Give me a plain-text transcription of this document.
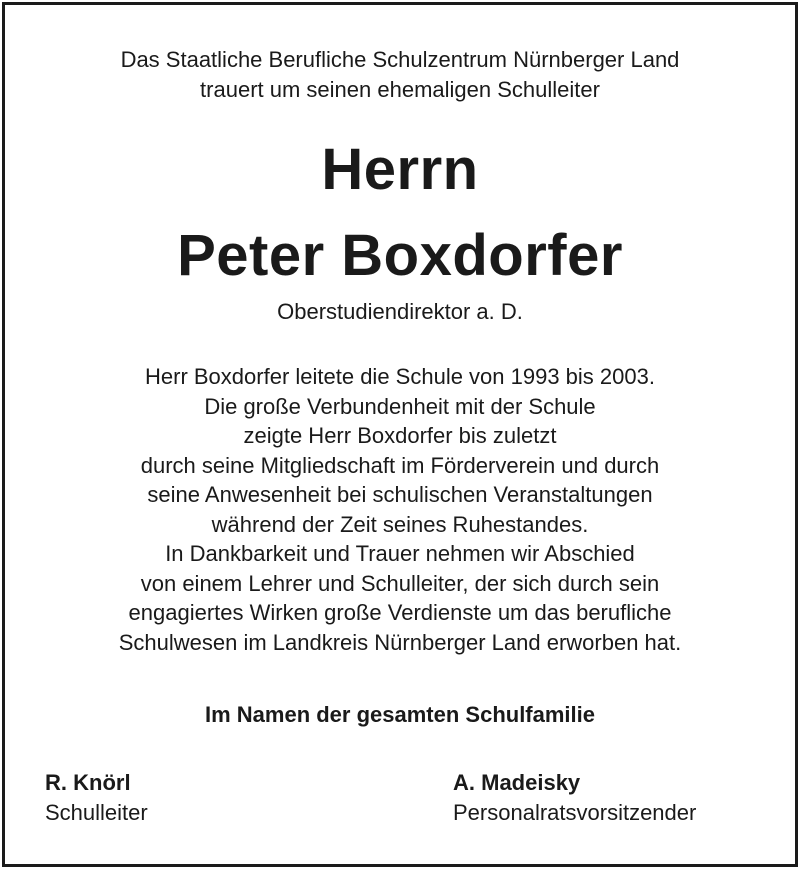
Das Staatliche Berufliche Schulzentrum Nürnberger Land
trauert um seinen ehemaligen Schulleiter
Herrn
Peter Boxdorfer
Oberstudiendirektor a. D.
Herr Boxdorfer leitete die Schule von 1993 bis 2003.
Die große Verbundenheit mit der Schule
zeigte Herr Boxdorfer bis zuletzt
durch seine Mitgliedschaft im Förderverein und durch
seine Anwesenheit bei schulischen Veranstaltungen
während der Zeit seines Ruhestandes.
In Dankbarkeit und Trauer nehmen wir Abschied
von einem Lehrer und Schulleiter, der sich durch sein
engagiertes Wirken große Verdienste um das berufliche
Schulwesen im Landkreis Nürnberger Land erworben hat.
Im Namen der gesamten Schulfamilie
R. Knörl
Schulleiter
A. Madeisky
Personalratsvorsitzender
